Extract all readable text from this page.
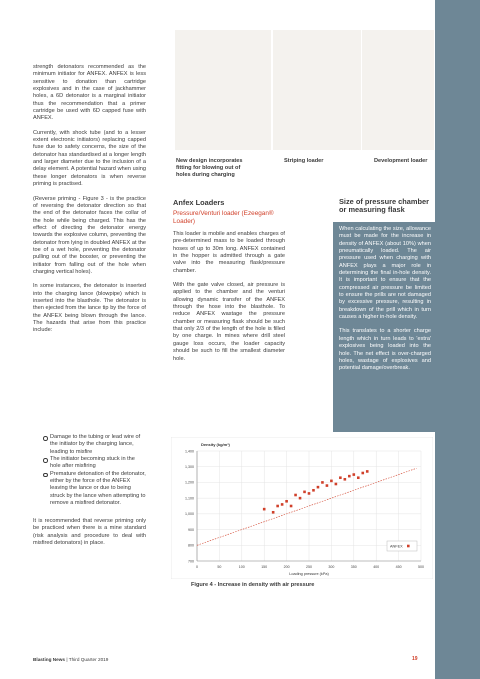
strength detonators recommended as the minimum initiator for ANFEX. ANFEX is less sensitive to donation than cartridge explosives and in the case of jackhammer holes, a 6D detonator is a marginal initiator thus the recommendation that a primer cartridge be used with 6D capped fuse with ANFEX.

Currently, with shock tube (and to a lesser extent electronic initiators) replacing capped fuse due to safety concerns, the size of the detonator has standardised at a longer length and larger diameter due to the inclusion of a delay element. A potential hazard when using these longer detonators is when reverse priming is practised.

(Reverse priming - Figure 3 - is the practice of reversing the detonator direction so that the end of the detonator faces the collar of the hole while being charged. This has the effect of directing the detonator energy towards the explosive column, preventing the detonator from lying in doubled ANFEX at the toe of a wet hole, preventing the detonator pulling out of the booster, or preventing the initiator from falling out of the hole when charging vertical holes).

In some instances, the detonator is inserted into the charging lance (blowpipe) which is inserted into the blasthole. The detonator is then ejected from the lance tip by the force of the ANFEX being blown through the lance. The hazards that arise from this practice include:

Damage to the tubing or lead wire of the initiator by the charging lance, leading to misfire
The initiator becoming stuck in the hole after misfiring
Premature detonation of the detonator, either by the force of the ANFEX leaving the lance or due to being struck by the lance when attempting to remove a misfired detonator.

It is recommended that reverse priming only be practiced when there is a mine standard (risk analysis and procedure to deal with misfired detonators) in place.

New design incorporates fitting for blowing out of holes during charging
Striping loader	Development loader
Anfex Loaders
Pressure/Venturi loader (Ezeegan® Loader)

This loader is mobile and enables charges of pre-determined mass to be loaded through hoses of up to 30m long. ANFEX contained in the hopper is admitted through a gate valve into the measuring flask/pressure chamber.

With the gate valve closed, air pressure is applied to the chamber and the venturi allowing dynamic transfer of the ANFEX through the hose into the blasthole. To reduce ANFEX wastage the pressure chamber or measuring flask should be such that only 2/3 of the length of the hole is filled by one charge. In mines where drill steel gauge loss occurs, the loader capacity should be such to fill the smallest diameter hole.

Size of pressure chamber or measuring flask

When calculating the size, allowance must be made for the increase in density of ANFEX (about 10%) when pneumatically loaded. The air pressure used when charging with ANFEX plays a major role in determining the final in-hole density. It is important to ensure that the compressed air pressure be limited to ensure the prills are not damaged by excessive pressure, resulting in breakdown of the prill which in turn causes a higher in-hole density.

This translates to a shorter charge length which in turn leads to 'extra' explosives being loaded into the hole. The net effect is over-charged holes, wastage of explosives and potential damage/overbreak.

0	50	100	150	200	250	300	350	400	450	500
700
800
900
1,000
1,100
1,200
1,300
1,400
Density (kg/m³)
Loading pressure (kPa)
ANFEX
Figure 4 - Increase in density with air pressure
Blasting News | Third Quarter 2019	19
